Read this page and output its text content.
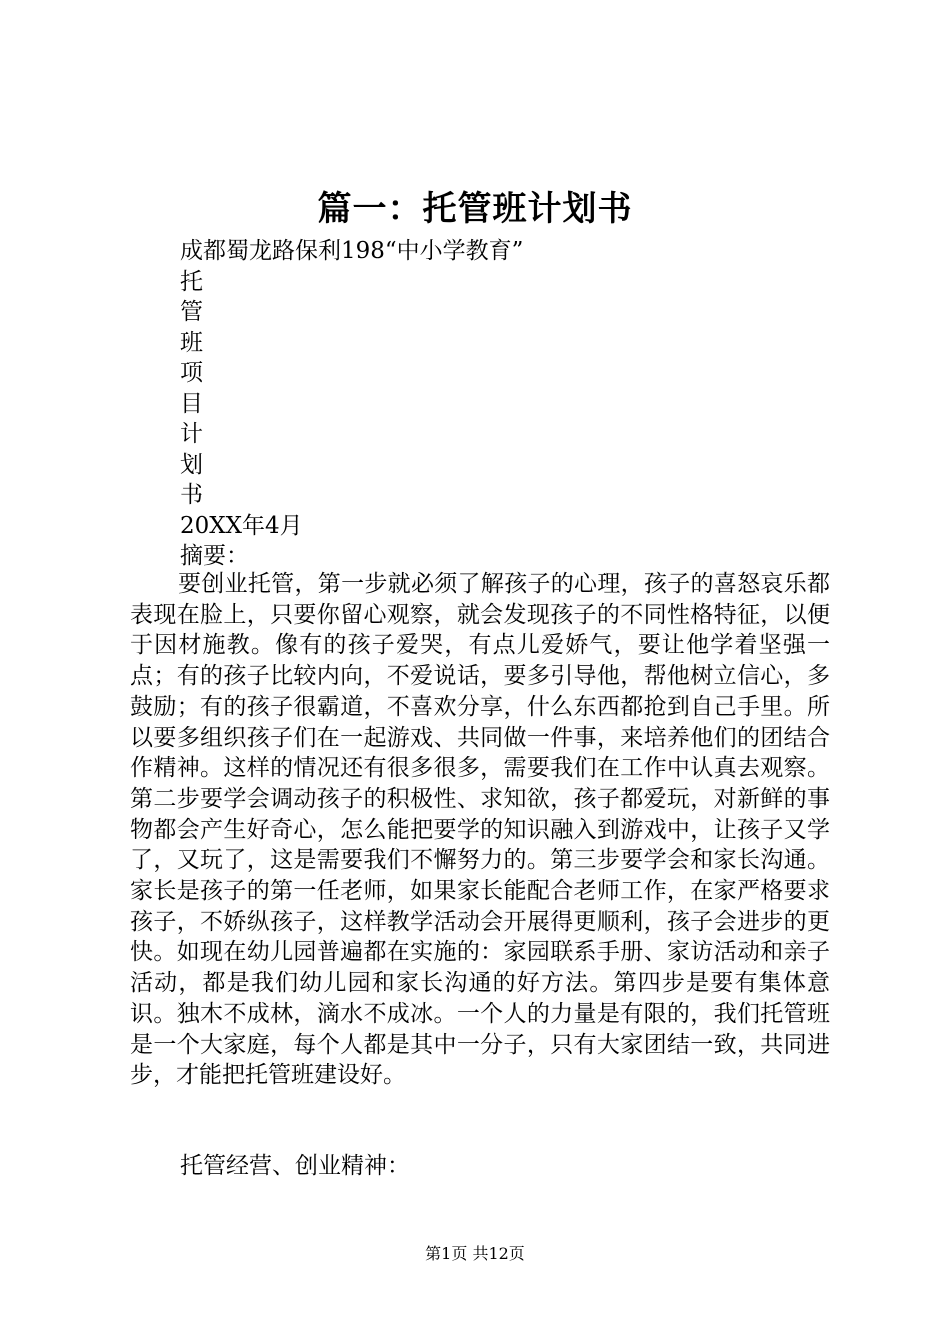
篇一：托管班计划书
成都蜀龙路保利198“中小学教育”
托
管
班
项
目
计
划
书
20XX年4月
摘要：
要创业托管，第一步就必须了解孩子的心理，孩子的喜怒哀乐都表现在脸上，只要你留心观察，就会发现孩子的不同性格特征，以便于因材施教。像有的孩子爱哭，有点儿爱娇气，要让他学着坚强一点；有的孩子比较内向，不爱说话，要多引导他，帮他树立信心，多鼓励；有的孩子很霸道，不喜欢分享，什么东西都抢到自己手里。所以要多组织孩子们在一起游戏、共同做一件事，来培养他们的团结合作精神。这样的情况还有很多很多，需要我们在工作中认真去观察。第二步要学会调动孩子的积极性、求知欲，孩子都爱玩，对新鲜的事物都会产生好奇心，怎么能把要学的知识融入到游戏中，让孩子又学了，又玩了，这是需要我们不懈努力的。第三步要学会和家长沟通。家长是孩子的第一任老师，如果家长能配合老师工作，在家严格要求孩子，不娇纵孩子，这样教学活动会开展得更顺利，孩子会进步的更快。如现在幼儿园普遍都在实施的：家园联系手册、家访活动和亲子活动，都是我们幼儿园和家长沟通的好方法。第四步是要有集体意识。独木不成林，滴水不成冰。一个人的力量是有限的，我们托管班是一个大家庭，每个人都是其中一分子，只有大家团结一致，共同进步，才能把托管班建设好。
托管经营、创业精神：
第1页 共12页
